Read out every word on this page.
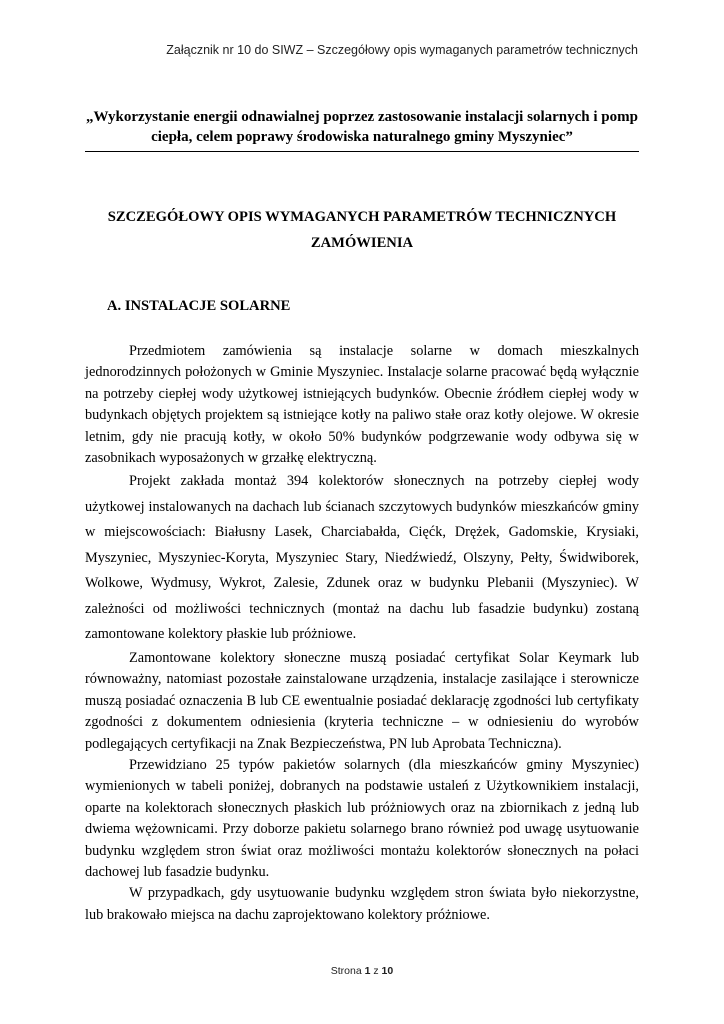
Załącznik nr 10 do SIWZ – Szczegółowy opis wymaganych parametrów technicznych
„Wykorzystanie energii odnawialnej poprzez zastosowanie instalacji solarnych i pomp ciepła, celem poprawy środowiska naturalnego gminy Myszyniec”
SZCZEGÓŁOWY OPIS WYMAGANYCH PARAMETRÓW TECHNICZNYCH
ZAMÓWIENIA
A. INSTALACJE SOLARNE

Przedmiotem zamówienia są instalacje solarne w domach mieszkalnych jednorodzinnych położonych w Gminie Myszyniec. Instalacje solarne pracować będą wyłącznie na potrzeby ciepłej wody użytkowej istniejących budynków. Obecnie źródłem ciepłej wody w budynkach objętych projektem są istniejące kotły na paliwo stałe oraz kotły olejowe. W okresie letnim, gdy nie pracują kotły, w około 50% budynków podgrzewanie wody odbywa się w zasobnikach wyposażonych w grzałkę elektryczną.

Projekt zakłada montaż 394 kolektorów słonecznych na potrzeby ciepłej wody użytkowej instalowanych na dachach lub ścianach szczytowych budynków mieszkańców gminy w miejscowościach: Białusny Lasek, Charciabałda, Cięćk, Drężek, Gadomskie, Krysiaki, Myszyniec, Myszyniec-Koryta, Myszyniec Stary, Niedźwiedź, Olszyny, Pełty, Świdwiborek, Wolkowe, Wydmusy, Wykrot, Zalesie, Zdunek oraz w budynku Plebanii (Myszyniec). W zależności od możliwości technicznych (montaż na dachu lub fasadzie budynku) zostaną zamontowane kolektory płaskie lub próżniowe.

Zamontowane kolektory słoneczne muszą posiadać certyfikat Solar Keymark lub równoważny, natomiast pozostałe zainstalowane urządzenia, instalacje zasilające i sterownicze muszą posiadać oznaczenia B lub CE ewentualnie posiadać deklarację zgodności lub certyfikaty zgodności z dokumentem odniesienia (kryteria techniczne – w odniesieniu do wyrobów podlegających certyfikacji na Znak Bezpieczeństwa, PN lub Aprobata Techniczna).

Przewidziano 25 typów pakietów solarnych (dla mieszkańców gminy Myszyniec) wymienionych w tabeli poniżej, dobranych na podstawie ustaleń z Użytkownikiem instalacji, oparte na kolektorach słonecznych płaskich lub próżniowych oraz na zbiornikach z jedną lub dwiema wężownicami. Przy doborze pakietu solarnego brano również pod uwagę usytuowanie budynku względem stron świat oraz możliwości montażu kolektorów słonecznych na połaci dachowej lub fasadzie budynku.

W przypadkach, gdy usytuowanie budynku względem stron świata było niekorzystne, lub brakowało miejsca na dachu zaprojektowano kolektory próżniowe.

Strona 1 z 10
